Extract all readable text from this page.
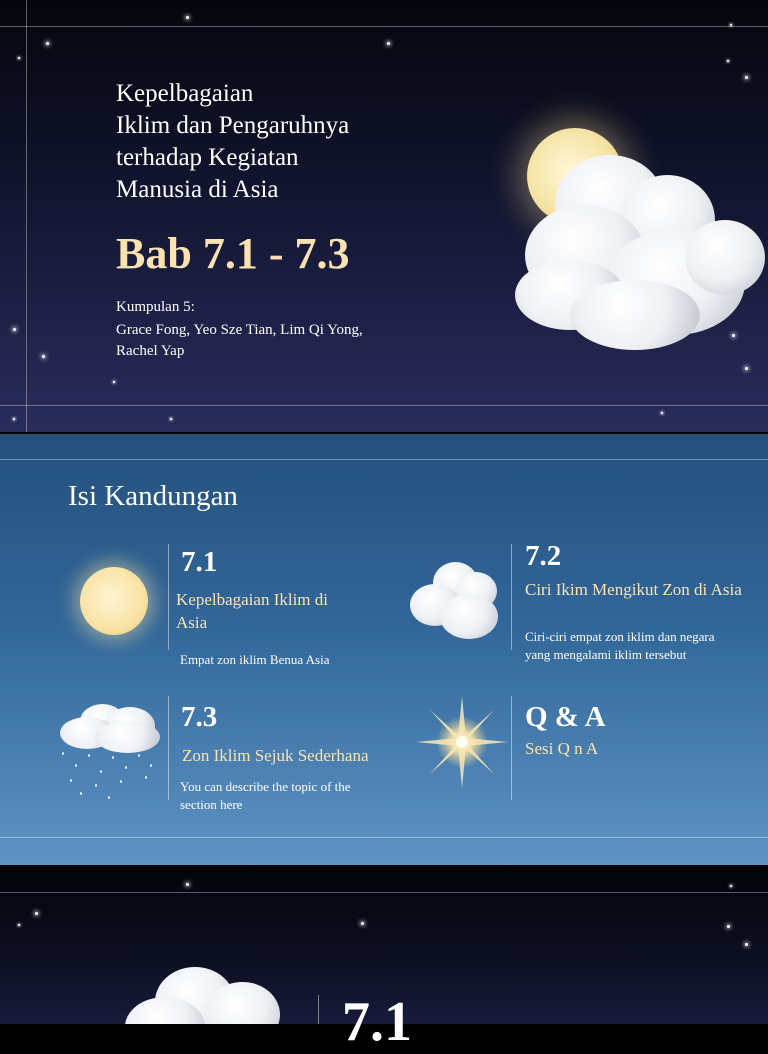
Kepelbagaian
Iklim dan Pengaruhnya
terhadap Kegiatan
Manusia di Asia
Bab 7.1 - 7.3
Kumpulan 5:
Grace Fong, Yeo Sze Tian, Lim Qi Yong, Rachel Yap
Isi Kandungan
7.1
Kepelbagaian Iklim di Asia
Empat zon iklim Benua Asia
7.2
Ciri Ikim Mengikut Zon di Asia
Ciri-ciri empat zon iklim dan negara yang mengalami iklim tersebut
7.3
Zon Iklim Sejuk Sederhana
You can describe the topic of the section here
Q & A
Sesi Q n A
7.1
